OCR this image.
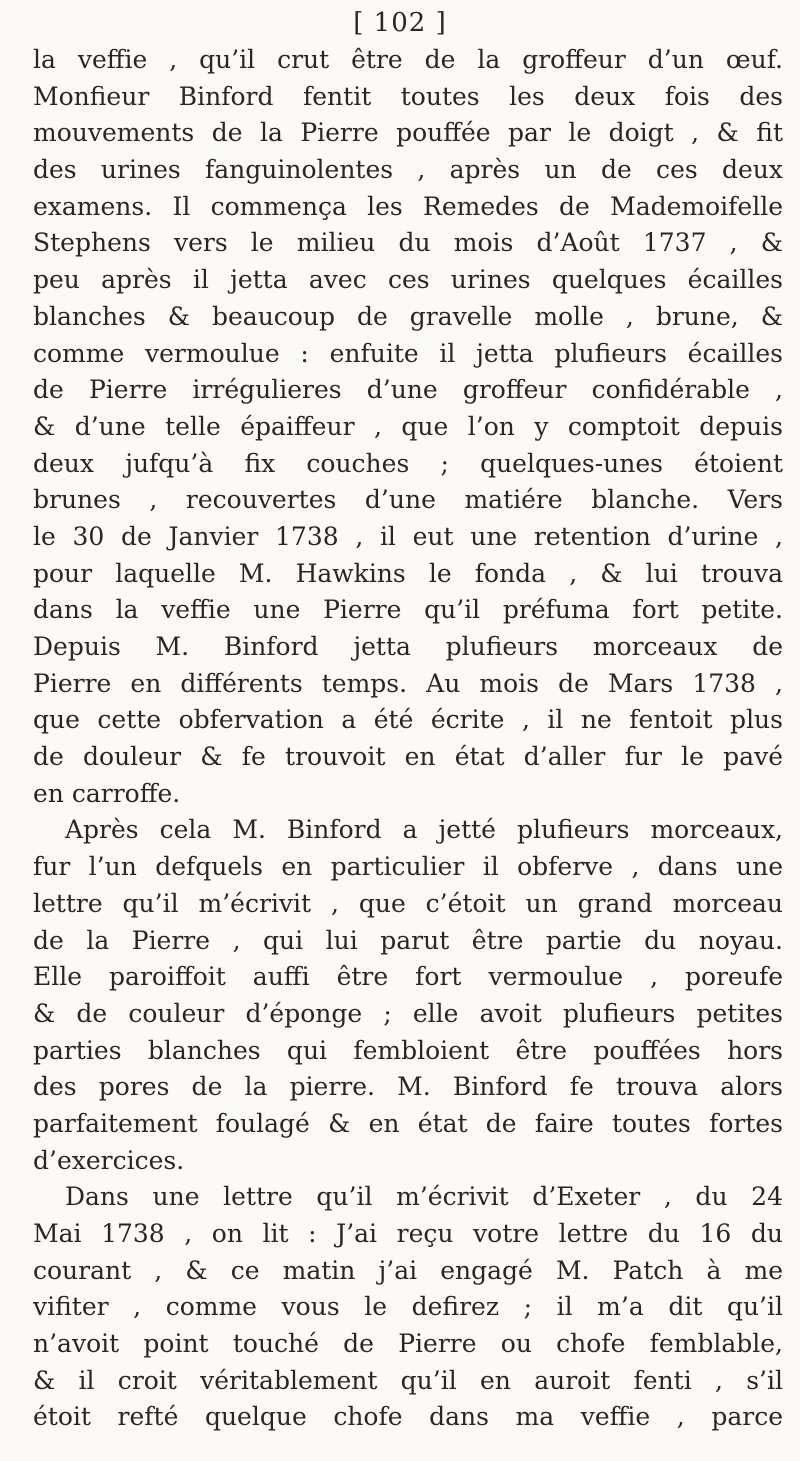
[ 102 ]
la veffie , qu’il crut être de la groffeur d’un œuf.
Monfieur Binford fentit toutes les deux fois des
mouvements de la Pierre pouffée par le doigt , & fit
des urines fanguinolentes , après un de ces deux
examens. Il commença les Remedes de Mademoifelle
Stephens vers le milieu du mois d’Août 1737 , &
peu après il jetta avec ces urines quelques écailles
blanches & beaucoup de gravelle molle , brune, &
comme vermoulue : enfuite il jetta plufieurs écailles
de Pierre irrégulieres d’une groffeur confidérable ,
& d’une telle épaiffeur , que l’on y comptoit depuis
deux jufqu’à fix couches ; quelques-unes étoient
brunes , recouvertes d’une matiére blanche. Vers
le 30 de Janvier 1738 , il eut une retention d’urine ,
pour laquelle M. Hawkins le fonda , & lui trouva
dans la veffie une Pierre qu’il préfuma fort petite.
Depuis M. Binford jetta plufieurs morceaux de
Pierre en différents temps. Au mois de Mars 1738 ,
que cette obfervation a été écrite , il ne fentoit plus
de douleur & fe trouvoit en état d’aller fur le pavé
en carroffe.
Après cela M. Binford a jetté plufieurs morceaux,
fur l’un defquels en particulier il obferve , dans une
lettre qu’il m’écrivit , que c’étoit un grand morceau
de la Pierre , qui lui parut être partie du noyau.
Elle paroiffoit auffi être fort vermoulue , poreufe
& de couleur d’éponge ; elle avoit plufieurs petites
parties blanches qui fembloient être pouffées hors
des pores de la pierre. M. Binford fe trouva alors
parfaitement foulagé & en état de faire toutes fortes
d’exercices.
Dans une lettre qu’il m’écrivit d’Exeter , du 24
Mai 1738 , on lit : J’ai reçu votre lettre du 16 du
courant , & ce matin j’ai engagé M. Patch à me
vifiter , comme vous le defirez ; il m’a dit qu’il
n’avoit point touché de Pierre ou chofe femblable,
& il croit véritablement qu’il en auroit fenti , s’il
étoit refté quelque chofe dans ma veffie , parce
